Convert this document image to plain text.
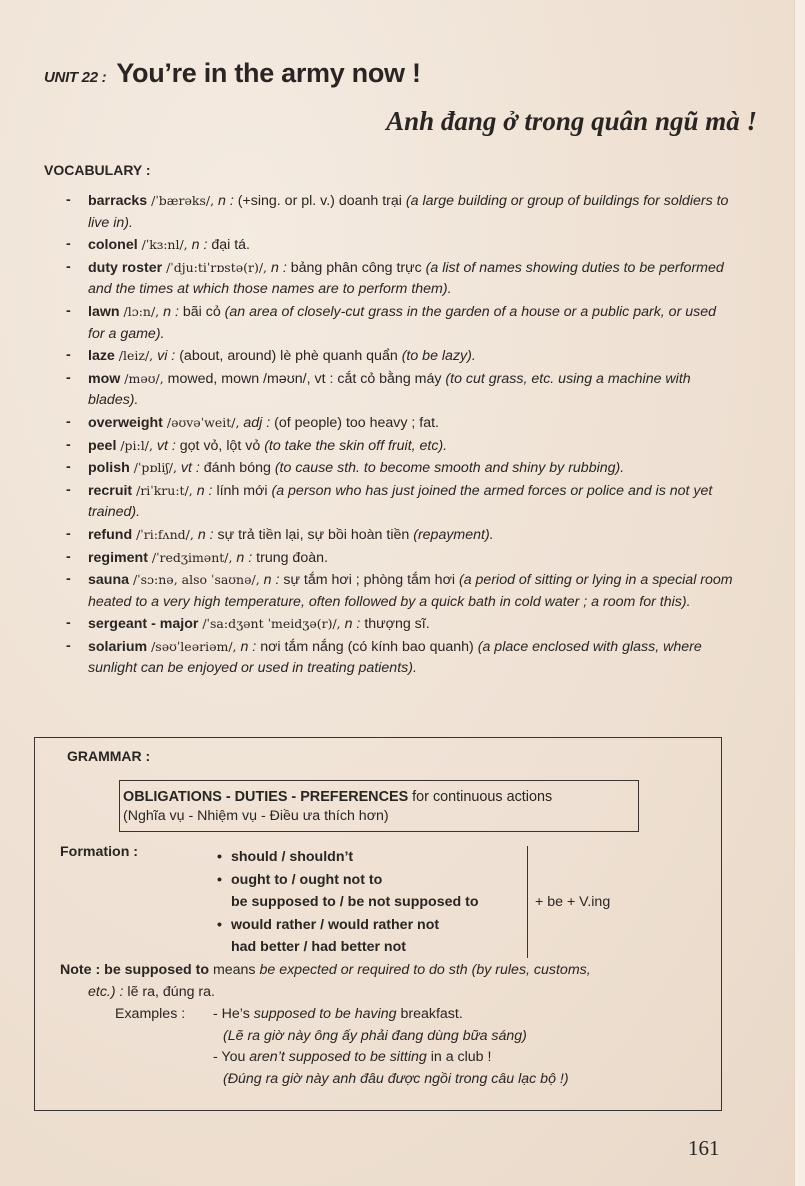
UNIT 22 : You’re in the army now !
Anh đang ở trong quân ngũ mà !
VOCABULARY :
- barracks /ˈbærəks/, n : (+sing. or pl. v.) doanh trại (a large building or group of buildings for soldiers to live in).
- colonel /ˈkɜ:nl/, n : đại tá.
- duty roster /ˈdju:tiˈrɒstə(r)/, n : bảng phân công trực (a list of names showing duties to be performed and the times at which those names are to perform them).
- lawn /lɔ:n/, n : bãi cỏ (an area of closely-cut grass in the garden of a house or a public park, or used for a game).
- laze /leiz/, vi : (about, around) lè phè quanh quẩn (to be lazy).
- mow /məʊ/, mowed, mown /məʊn/, vt : cắt cỏ bằng máy (to cut grass, etc. using a machine with blades).
- overweight /əʊvəˈweit/, adj : (of people) too heavy ; fat.
- peel /pi:l/, vt : gọt vỏ, lột vỏ (to take the skin off fruit, etc).
- polish /ˈpɒliʃ/, vt : đánh bóng (to cause sth. to become smooth and shiny by rubbing).
- recruit /riˈkru:t/, n : lính mới (a person who has just joined the armed forces or police and is not yet trained).
- refund /ˈri:fʌnd/, n : sự trả tiền lại, sự bồi hoàn tiền (repayment).
- regiment /ˈredʒimənt/, n : trung đoàn.
- sauna /ˈsɔ:nə, also ˈsaʊnə/, n : sự tắm hơi ; phòng tắm hơi (a period of sitting or lying in a special room heated to a very high temperature, often followed by a quick bath in cold water ; a room for this).
- sergeant - major /ˈsa:dʒənt ˈmeidʒə(r)/, n : thượng sĩ.
- solarium /səʊˈleəriəm/, n : nơi tắm nắng (có kính bao quanh) (a place enclosed with glass, where sunlight can be enjoyed or used in treating patients).
GRAMMAR :
OBLIGATIONS - DUTIES - PREFERENCES for continuous actions
(Nghĩa vụ - Nhiệm vụ - Điều ưa thích hơn)
Formation :	• should / shouldn’t
• ought to / ought not to
be supposed to / be not supposed to
• would rather / would rather not
had better / had better not
+ be + V.ing
Note : be supposed to means be expected or required to do sth (by rules, customs,
etc.) : lẽ ra, đúng ra.
Examples : - He’s supposed to be having breakfast.
(Lẽ ra giờ này ông ấy phải đang dùng bữa sáng)
- You aren’t supposed to be sitting in a club !
(Đúng ra giờ này anh đâu được ngồi trong câu lạc bộ !)
161
